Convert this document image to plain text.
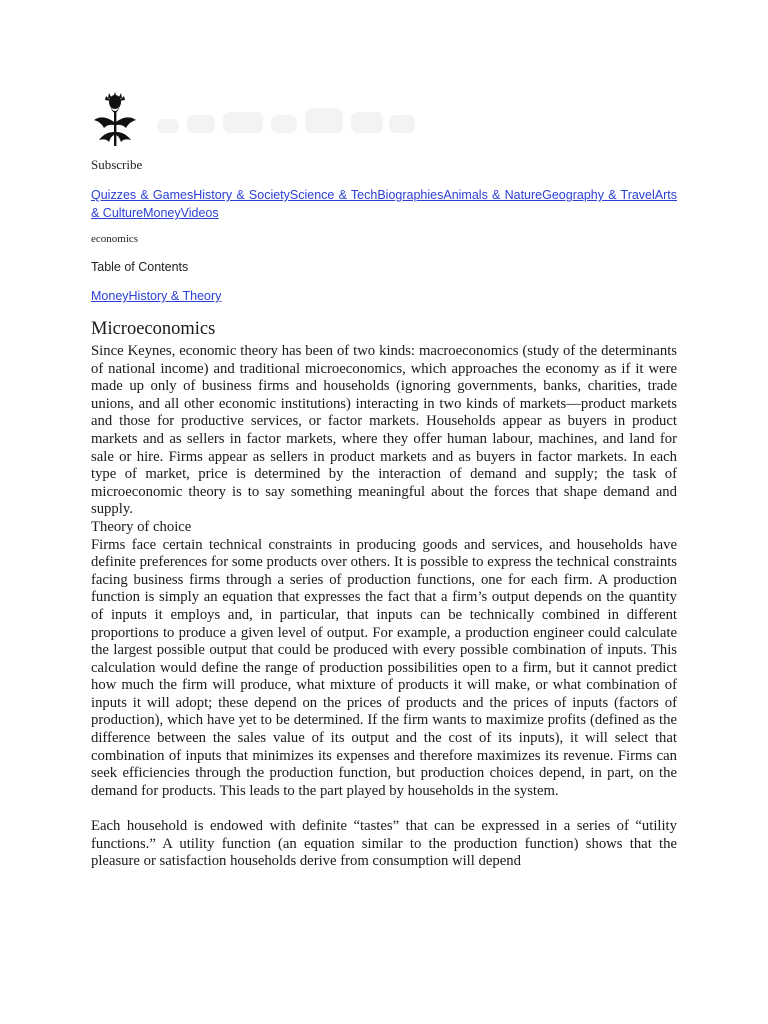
Subscribe
Quizzes & GamesHistory & SocietyScience & TechBiographiesAnimals & NatureGeography & TravelArts & CultureMoneyVideos
economics
Table of Contents
MoneyHistory & Theory
Microeconomics

Since Keynes, economic theory has been of two kinds: macroeconomics (study of the determinants of national income) and traditional microeconomics, which approaches the economy as if it were made up only of business firms and households (ignoring governments, banks, charities, trade unions, and all other economic institutions) interacting in two kinds of markets—product markets and those for productive services, or factor markets. Households appear as buyers in product markets and as sellers in factor markets, where they offer human labour, machines, and land for sale or hire. Firms appear as sellers in product markets and as buyers in factor markets. In each type of market, price is determined by the interaction of demand and supply; the task of microeconomic theory is to say something meaningful about the forces that shape demand and supply.

Theory of choice

Firms face certain technical constraints in producing goods and services, and households have definite preferences for some products over others. It is possible to express the technical constraints facing business firms through a series of production functions, one for each firm. A production function is simply an equation that expresses the fact that a firm’s output depends on the quantity of inputs it employs and, in particular, that inputs can be technically combined in different proportions to produce a given level of output. For example, a production engineer could calculate the largest possible output that could be produced with every possible combination of inputs. This calculation would define the range of production possibilities open to a firm, but it cannot predict how much the firm will produce, what mixture of products it will make, or what combination of inputs it will adopt; these depend on the prices of products and the prices of inputs (factors of production), which have yet to be determined. If the firm wants to maximize profits (defined as the difference between the sales value of its output and the cost of its inputs), it will select that combination of inputs that minimizes its expenses and therefore maximizes its revenue. Firms can seek efficiencies through the production function, but production choices depend, in part, on the demand for products. This leads to the part played by households in the system.

Each household is endowed with definite “tastes” that can be expressed in a series of “utility functions.” A utility function (an equation similar to the production function) shows that the pleasure or satisfaction households derive from consumption will depend
